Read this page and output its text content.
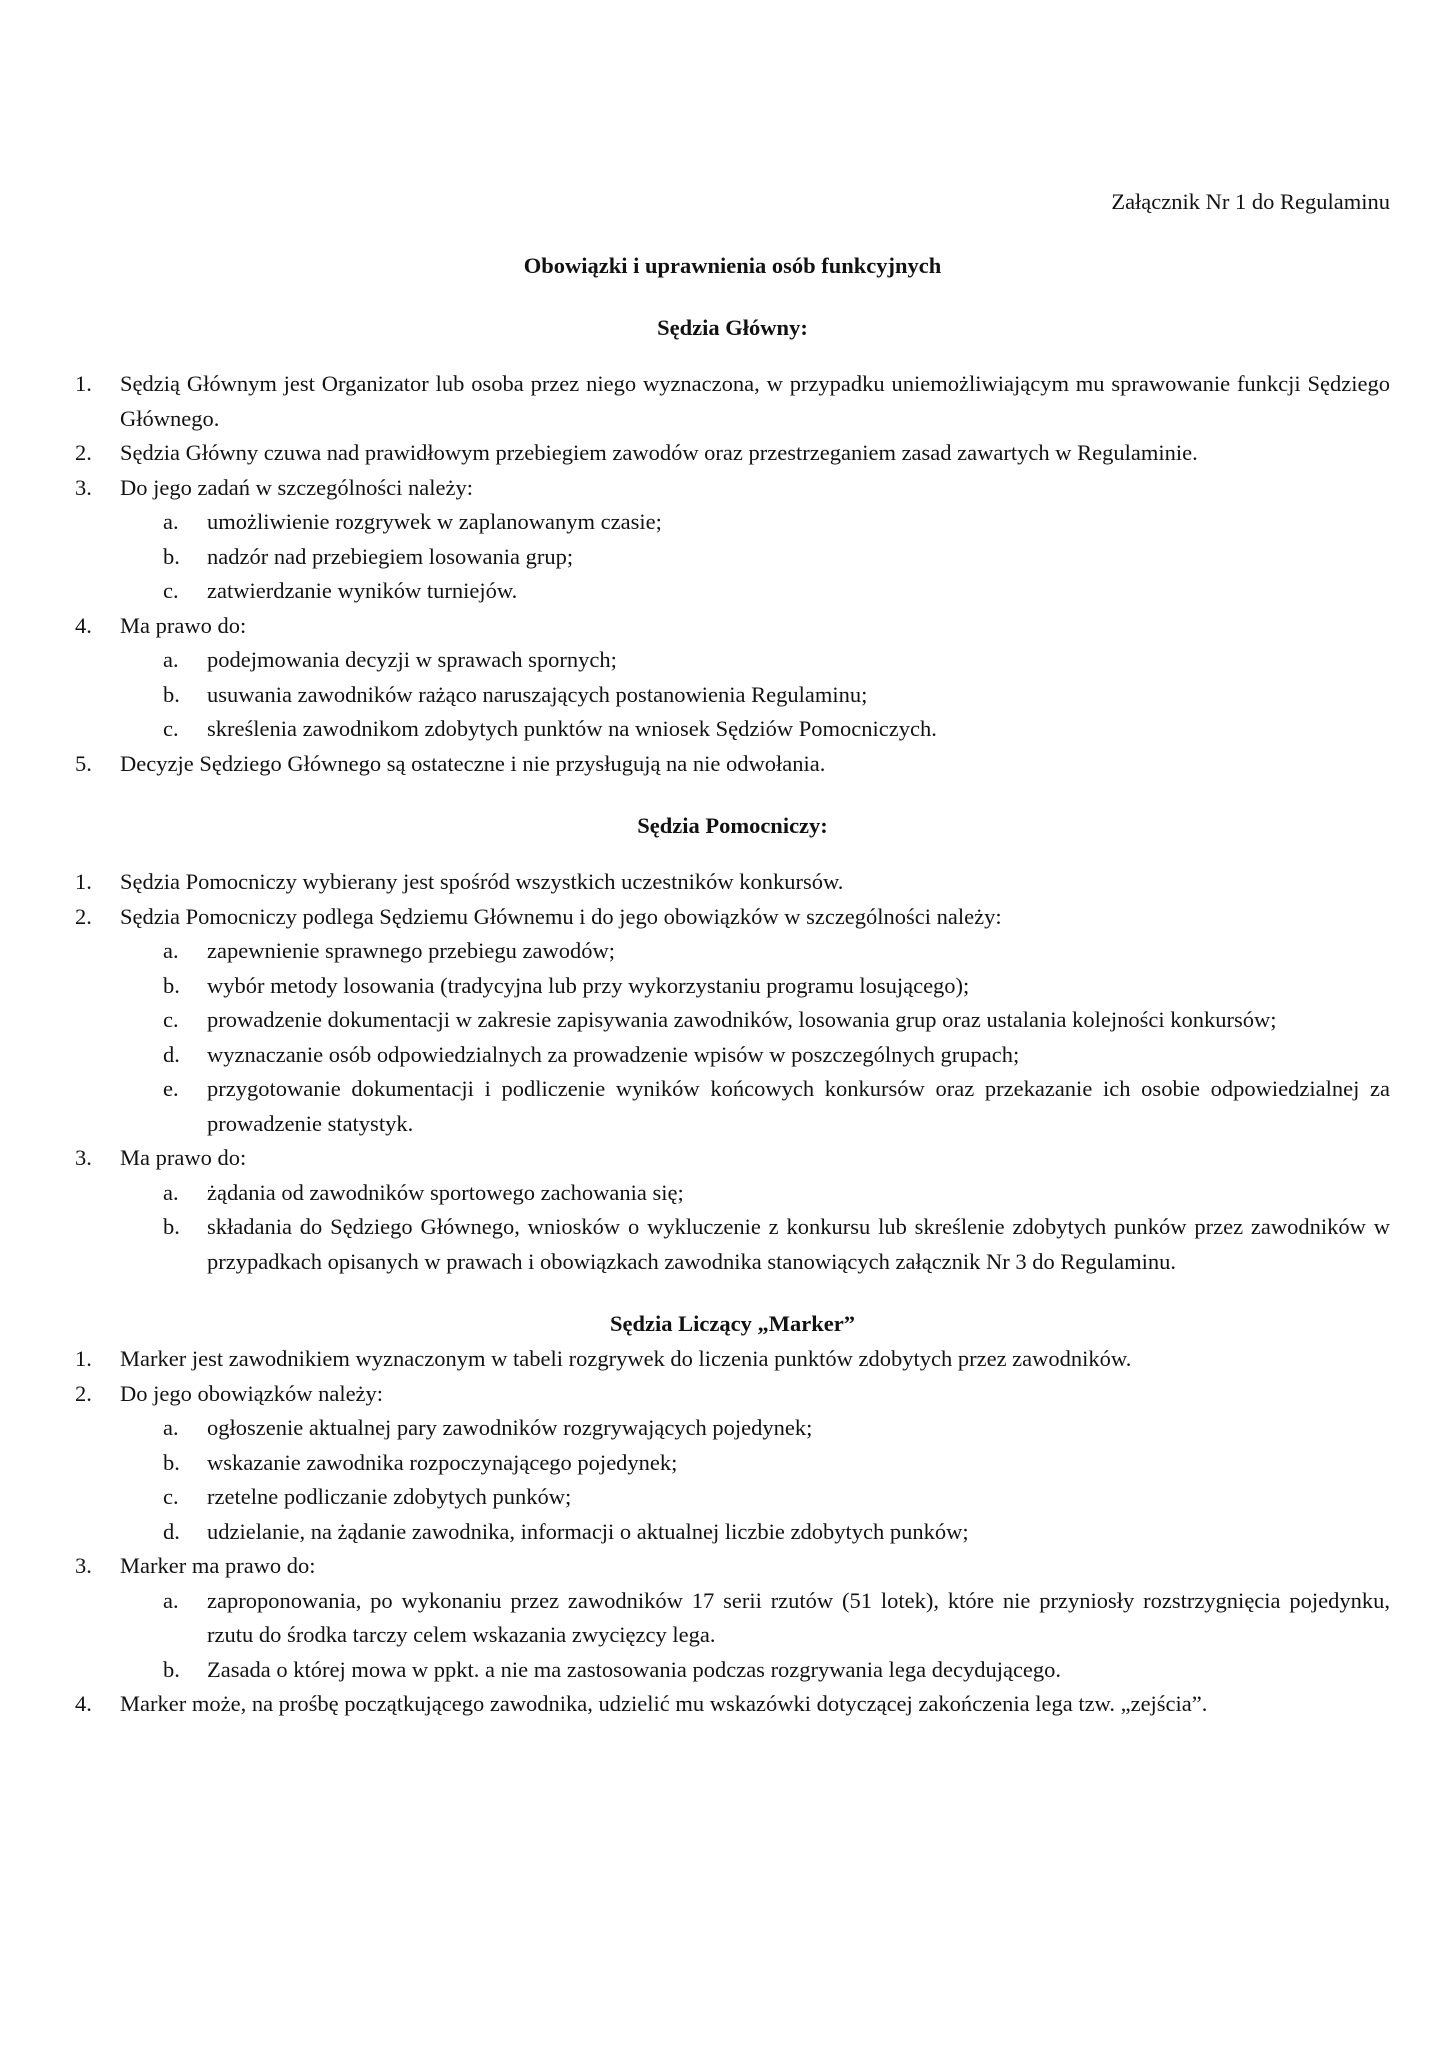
Załącznik Nr 1 do Regulaminu
Obowiązki i uprawnienia osób funkcyjnych
Sędzia Główny:
1.	Sędzią Głównym jest Organizator lub osoba przez niego wyznaczona, w przypadku uniemożliwiającym mu sprawowanie funkcji Sędziego Głównego.
2.	Sędzia Główny czuwa nad prawidłowym przebiegiem zawodów oraz przestrzeganiem zasad zawartych w Regulaminie.
3.	Do jego zadań w szczególności należy:
a.	umożliwienie rozgrywek w zaplanowanym czasie;
b.	nadzór nad przebiegiem losowania grup;
c.	zatwierdzanie wyników turniejów.
4.	Ma prawo do:
a.	podejmowania decyzji w sprawach spornych;
b.	usuwania zawodników rażąco naruszających postanowienia Regulaminu;
c.	skreślenia zawodnikom zdobytych punktów na wniosek Sędziów Pomocniczych.
5.	Decyzje Sędziego Głównego są ostateczne i nie przysługują na nie odwołania.
Sędzia Pomocniczy:
1.	Sędzia Pomocniczy wybierany jest spośród wszystkich uczestników konkursów.
2.	Sędzia Pomocniczy podlega Sędziemu Głównemu i do jego obowiązków w szczególności należy:
a.	zapewnienie sprawnego przebiegu zawodów;
b.	wybór metody losowania (tradycyjna lub przy wykorzystaniu programu losującego);
c.	prowadzenie dokumentacji w zakresie zapisywania zawodników, losowania grup oraz ustalania kolejności konkursów;
d.	wyznaczanie osób odpowiedzialnych za prowadzenie wpisów w poszczególnych grupach;
e.	przygotowanie dokumentacji i podliczenie wyników końcowych konkursów oraz przekazanie ich osobie odpowiedzialnej za prowadzenie statystyk.
3.	Ma prawo do:
a.	żądania od zawodników sportowego zachowania się;
b.	składania do Sędziego Głównego, wniosków o wykluczenie z konkursu lub skreślenie zdobytych punków przez zawodników w przypadkach opisanych w prawach i obowiązkach zawodnika stanowiących załącznik Nr 3 do Regulaminu.
Sędzia Liczący „Marker”
1.	Marker jest zawodnikiem wyznaczonym w tabeli rozgrywek do liczenia punktów zdobytych przez zawodników.
2.	Do jego obowiązków należy:
a.	ogłoszenie aktualnej pary zawodników rozgrywających pojedynek;
b.	wskazanie zawodnika rozpoczynającego pojedynek;
c.	rzetelne podliczanie zdobytych punków;
d.	udzielanie, na żądanie zawodnika, informacji o aktualnej liczbie zdobytych punków;
3.	Marker ma prawo do:
a.	zaproponowania, po wykonaniu przez zawodników 17 serii rzutów (51 lotek), które nie przyniosły rozstrzygnięcia pojedynku, rzutu do środka tarczy celem wskazania zwycięzcy lega.
b.	Zasada o której mowa w ppkt. a nie ma zastosowania podczas rozgrywania lega decydującego.
4.	Marker może, na prośbę początkującego zawodnika, udzielić mu wskazówki dotyczącej zakończenia lega tzw. „zejścia”.
